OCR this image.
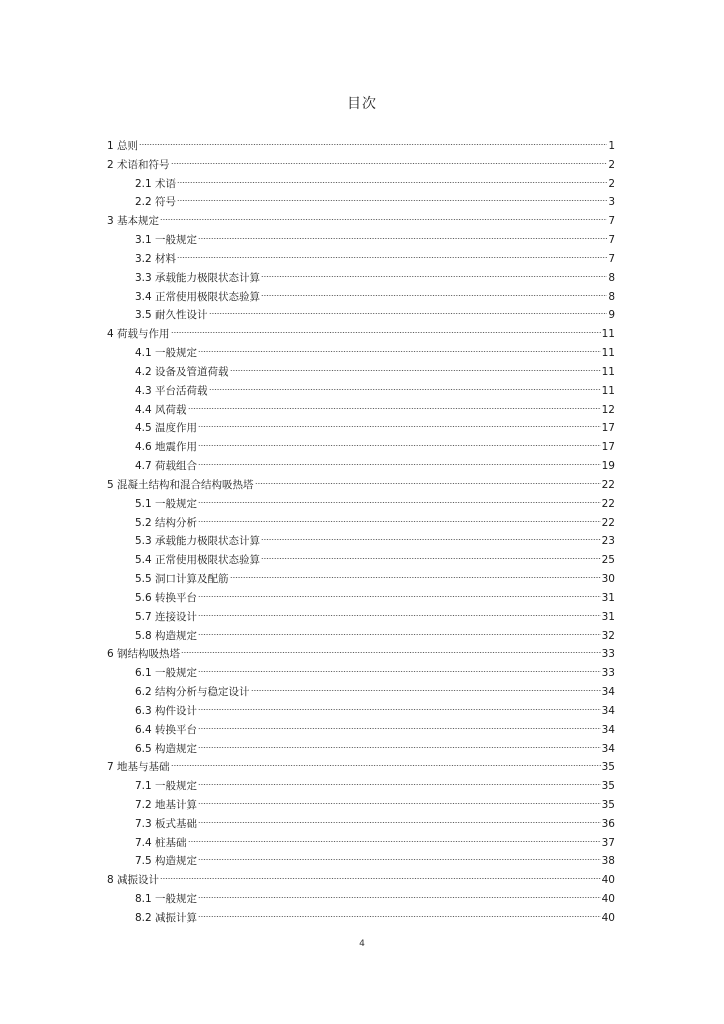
目次
1 总则	1
2 术语和符号	2
2.1 术语	2
2.2 符号	3
3 基本规定	7
3.1 一般规定	7
3.2 材料	7
3.3 承载能力极限状态计算	8
3.4 正常使用极限状态验算	8
3.5 耐久性设计	9
4 荷载与作用	11
4.1 一般规定	11
4.2 设备及管道荷载	11
4.3 平台活荷载	11
4.4 风荷载	12
4.5 温度作用	17
4.6 地震作用	17
4.7 荷载组合	19
5 混凝土结构和混合结构吸热塔	22
5.1 一般规定	22
5.2 结构分析	22
5.3 承载能力极限状态计算	23
5.4 正常使用极限状态验算	25
5.5 洞口计算及配筋	30
5.6 转换平台	31
5.7 连接设计	31
5.8 构造规定	32
6 钢结构吸热塔	33
6.1 一般规定	33
6.2 结构分析与稳定设计	34
6.3 构件设计	34
6.4 转换平台	34
6.5 构造规定	34
7 地基与基础	35
7.1 一般规定	35
7.2 地基计算	35
7.3 板式基础	36
7.4 桩基础	37
7.5 构造规定	38
8 减振设计	40
8.1 一般规定	40
8.2 减振计算	40
4
